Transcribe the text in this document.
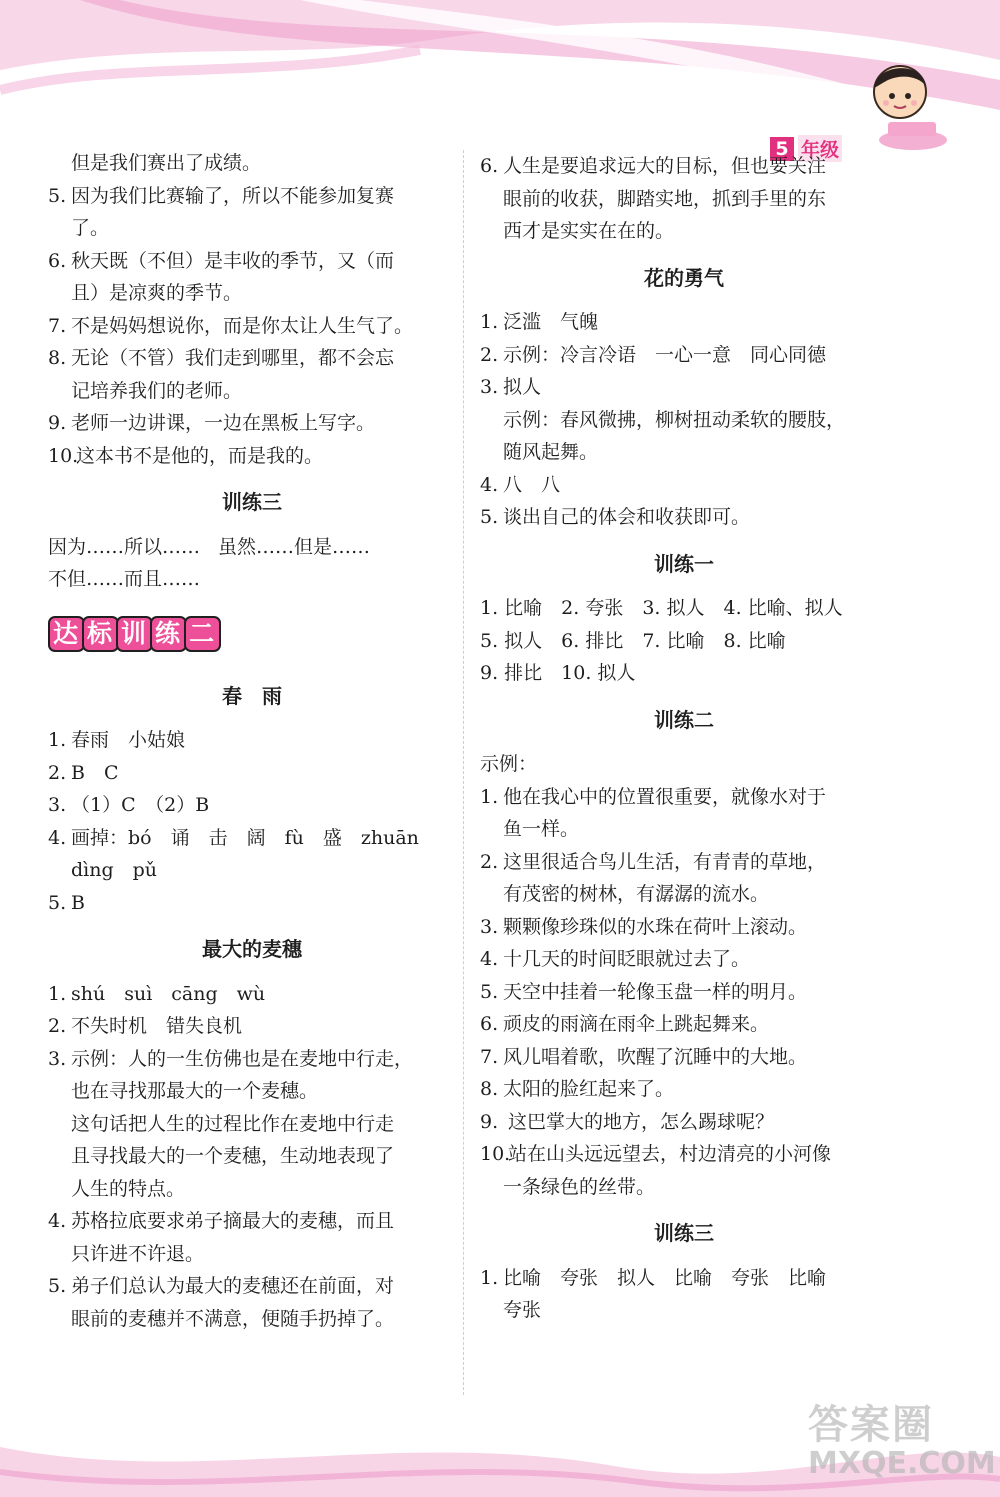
5 年级
但是我们赛出了成绩。
5. 因为我们比赛输了，所以不能参加复赛
了。
6. 秋天既（不但）是丰收的季节，又（而
且）是凉爽的季节。
7. 不是妈妈想说你，而是你太让人生气了。
8. 无论（不管）我们走到哪里，都不会忘
记培养我们的老师。
9. 老师一边讲课，一边在黑板上写字。
10.
这本书不是他的，而是我的。
训练三
因为……所以…… 虽然……但是……
不但……而且……
达 标 训 练 二
春　雨
1. 春雨　小姑娘
2. B　C
3. （1）C　（2）B
4. 画掉：bó　诵　击　阔　fù　盛　zhuān
dìng　pǔ
5. B
最大的麦穗
1. shú　suì　cāng　wù
2. 不失时机　错失良机
3. 示例：人的一生仿佛也是在麦地中行走，
也在寻找那最大的一个麦穗。
这句话把人生的过程比作在麦地中行走
且寻找最大的一个麦穗，生动地表现了
人生的特点。
4. 苏格拉底要求弟子摘最大的麦穗，而且
只许进不许退。
5. 弟子们总认为最大的麦穗还在前面，对
眼前的麦穗并不满意，便随手扔掉了。
6. 人生是要追求远大的目标，但也要关注
眼前的收获，脚踏实地，抓到手里的东
西才是实实在在的。
花的勇气
1. 泛滥　气魄
2. 示例：冷言冷语　一心一意　同心同德
3. 拟人
示例：春风微拂，柳树扭动柔软的腰肢，
随风起舞。
4. 八　八
5. 谈出自己的体会和收获即可。
训练一
1. 比喻　2. 夸张　3. 拟人　4. 比喻、拟人
5. 拟人　6. 排比　7. 比喻　8. 比喻
9. 排比　10. 拟人
训练二
示例：
1. 他在我心中的位置很重要，就像水对于
鱼一样。
2. 这里很适合鸟儿生活，有青青的草地，
有茂密的树林，有潺潺的流水。
3. 颗颗像珍珠似的水珠在荷叶上滚动。
4. 十几天的时间眨眼就过去了。
5. 天空中挂着一轮像玉盘一样的明月。
6. 顽皮的雨滴在雨伞上跳起舞来。
7. 风儿唱着歌，吹醒了沉睡中的大地。
8. 太阳的脸红起来了。
9. 这巴掌大的地方，怎么踢球呢？
10.
站在山头远远望去，村边清亮的小河像
一条绿色的丝带。
训练三
1. 比喻　夸张　拟人　比喻　夸张　比喻
夸张
答案圈
MXQE.COM
